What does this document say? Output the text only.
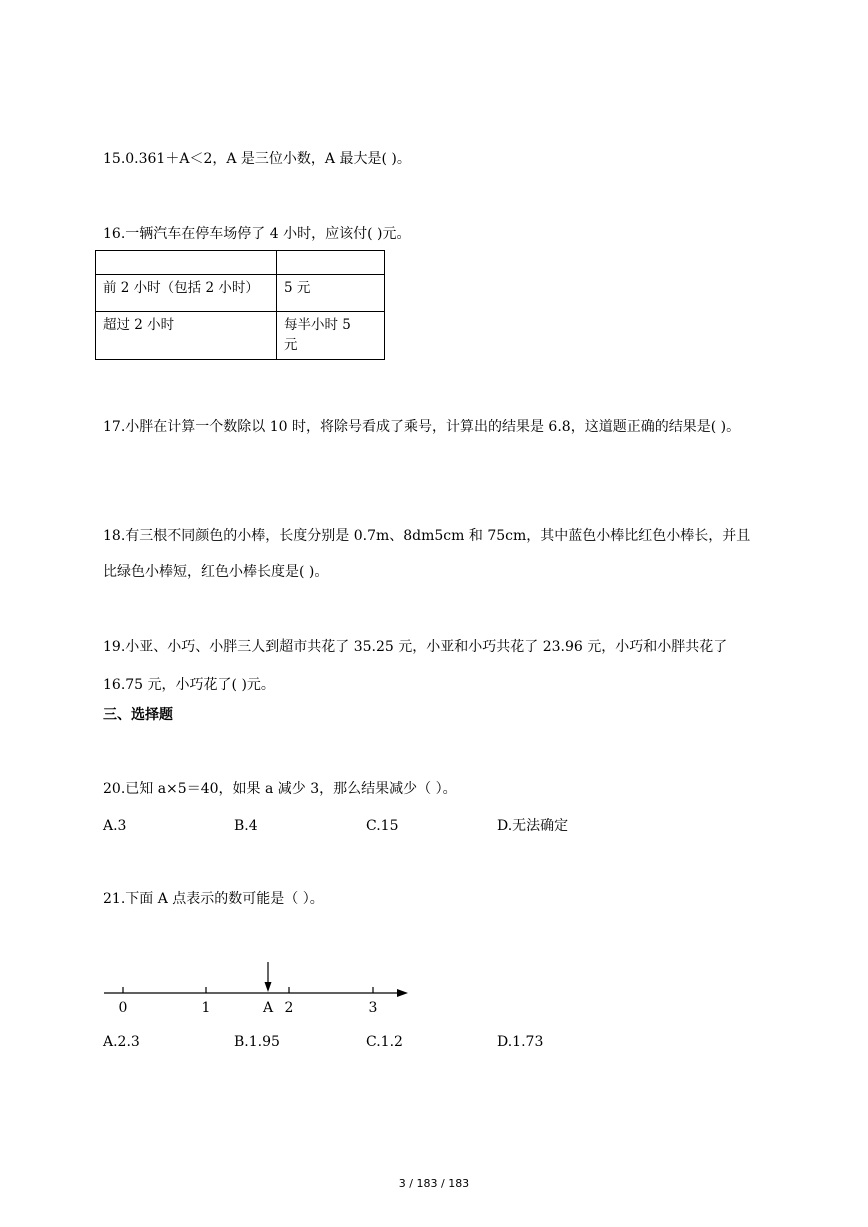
15.0.361＋A＜2，A 是三位小数，A 最大是( )。
16.一辆汽车在停车场停了 4 小时，应该付( )元。

前 2 小时（包括 2 小时）	5 元
超过 2 小时	每半小时 5 元
17.小胖在计算一个数除以 10 时，将除号看成了乘号，计算出的结果是 6.8，这道题正确的结果是( )。
18.有三根不同颜色的小棒，长度分别是 0.7m、8dm5cm 和 75cm，其中蓝色小棒比红色小棒长，并且比绿色小棒短，红色小棒长度是( )。
19.小亚、小巧、小胖三人到超市共花了 35.25 元，小亚和小巧共花了 23.96 元，小巧和小胖共花了 16.75 元，小巧花了( )元。
三、选择题
20.已知 a×5＝40，如果 a 减少 3，那么结果减少（ ）。
A.3	B.4	C.15	D.无法确定
21.下面 A 点表示的数可能是（ ）。
0	1	2	3
A
A.2.3	B.1.95	C.1.2	D.1.73
3 / 183 / 183
